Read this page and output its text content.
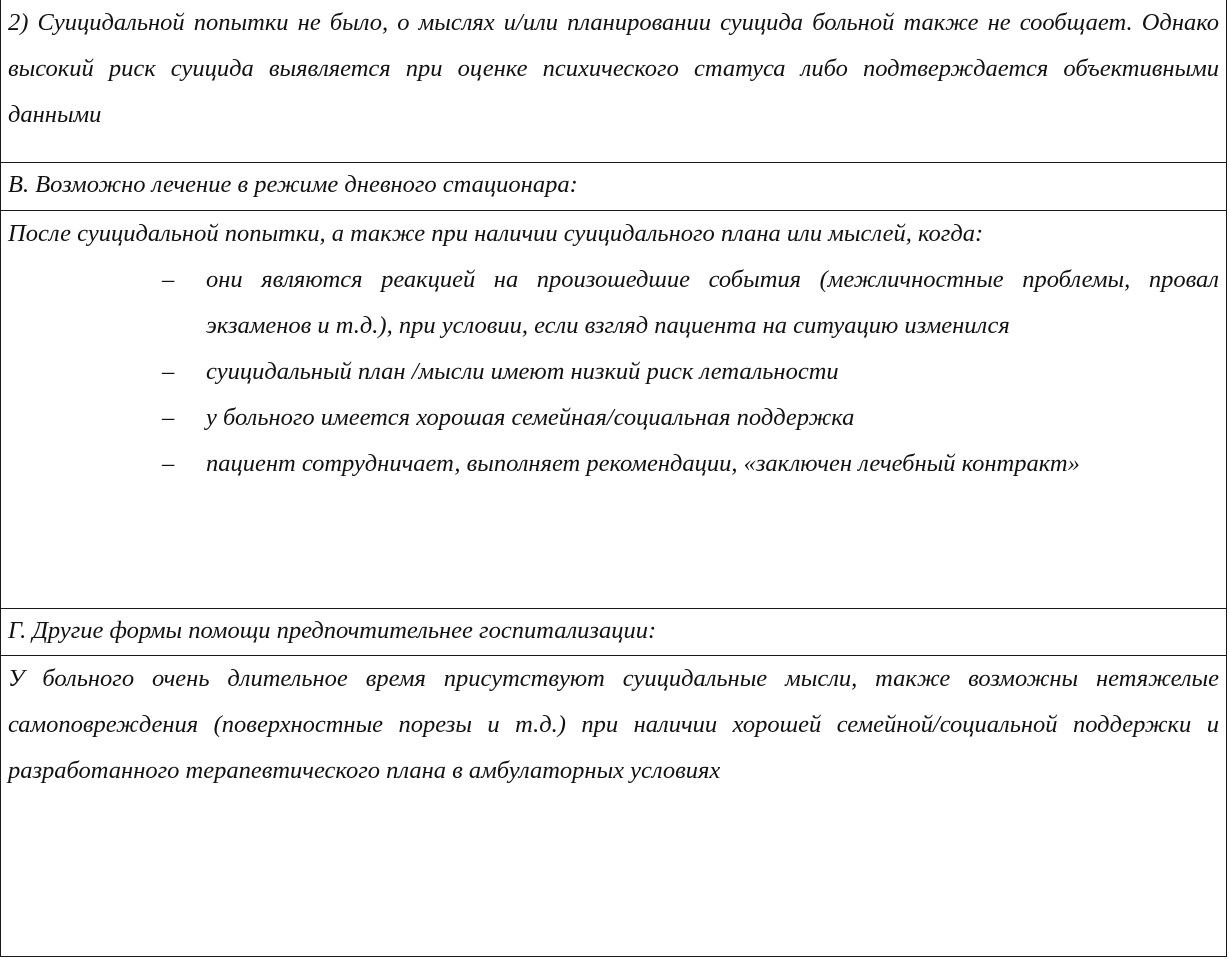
2) Суицидальной попытки не было, о мыслях и/или планировании суицида больной также не сообщает. Однако высокий риск суицида выявляется при оценке психического статуса либо подтверждается объективными данными

В. Возможно лечение в режиме дневного стационара:

После суицидальной попытки, а также при наличии суицидального плана или мыслей, когда:

– они являются реакцией на произошедшие события (межличностные проблемы, провал экзаменов и т.д.), при условии, если взгляд пациента на ситуацию изменился
– суицидальный план /мысли имеют низкий риск летальности
– у больного имеется хорошая семейная/социальная поддержка
– пациент сотрудничает, выполняет рекомендации, «заключен лечебный контракт»

Г. Другие формы помощи предпочтительнее госпитализации:

У больного очень длительное время присутствуют суицидальные мысли, также возможны нетяжелые самоповреждения (поверхностные порезы и т.д.) при наличии хорошей семейной/социальной поддержки и разработанного терапевтического плана в амбулаторных условиях
